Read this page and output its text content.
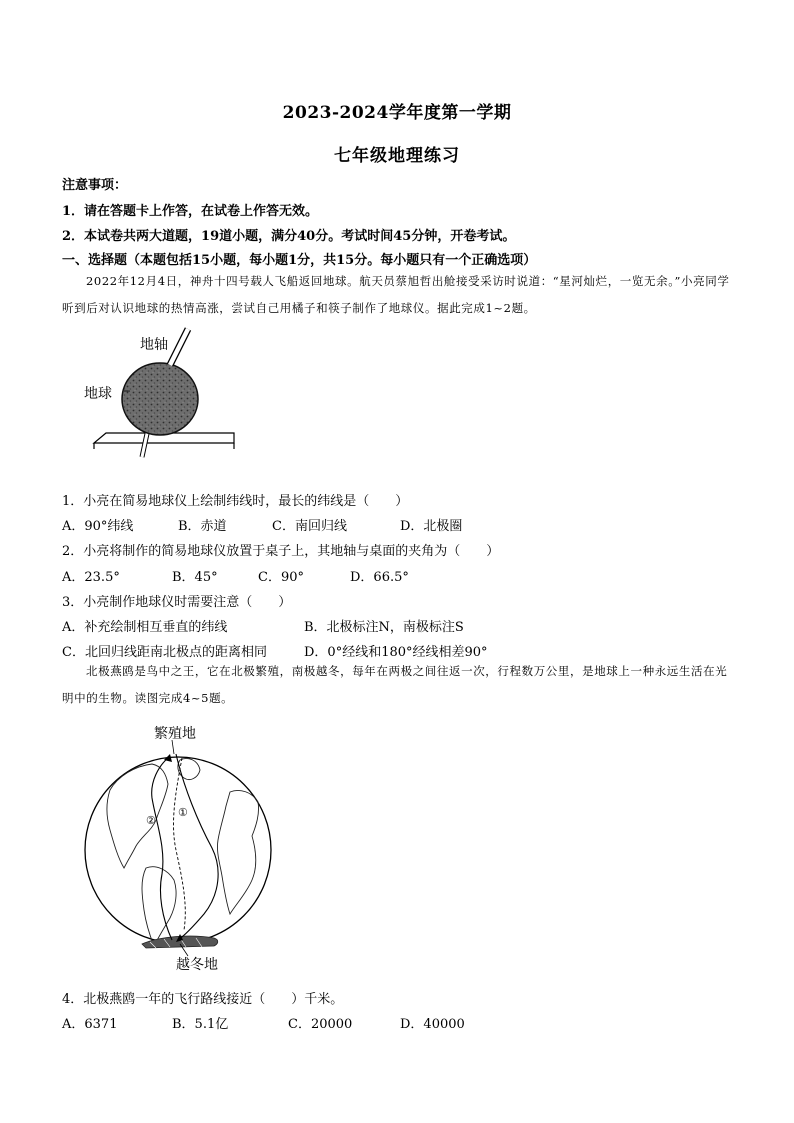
2023-2024学年度第一学期
七年级地理练习
注意事项：
1．请在答题卡上作答，在试卷上作答无效。
2．本试卷共两大道题，19道小题，满分40分。考试时间45分钟，开卷考试。
一、选择题（本题包括15小题，每小题1分，共15分。每小题只有一个正确选项）
2022年12月4日，神舟十四号载人飞船返回地球。航天员蔡旭哲出舱接受采访时说道：“星河灿烂，一览无余。”小亮同学听到后对认识地球的热情高涨，尝试自己用橘子和筷子制作了地球仪。据此完成1~2题。
地轴
地球
1．小亮在简易地球仪上绘制纬线时，最长的纬线是（　　）
A．90°纬线	B．赤道	C．南回归线	D．北极圈
2．小亮将制作的简易地球仪放置于桌子上，其地轴与桌面的夹角为（　　）
A．23.5°	B．45°	C．90°	D．66.5°
3．小亮制作地球仪时需要注意（　　）
A．补充绘制相互垂直的纬线	B．北极标注N，南极标注S
C．北回归线距南北极点的距离相同	D．0°经线和180°经线相差90°
北极燕鸥是鸟中之王，它在北极繁殖，南极越冬，每年在两极之间往返一次，行程数万公里，是地球上一种永远生活在光明中的生物。读图完成4~5题。
繁殖地
越冬地
①
②
4．北极燕鸥一年的飞行路线接近（　　）千米。
A．6371	B．5.1亿	C．20000	D．40000
